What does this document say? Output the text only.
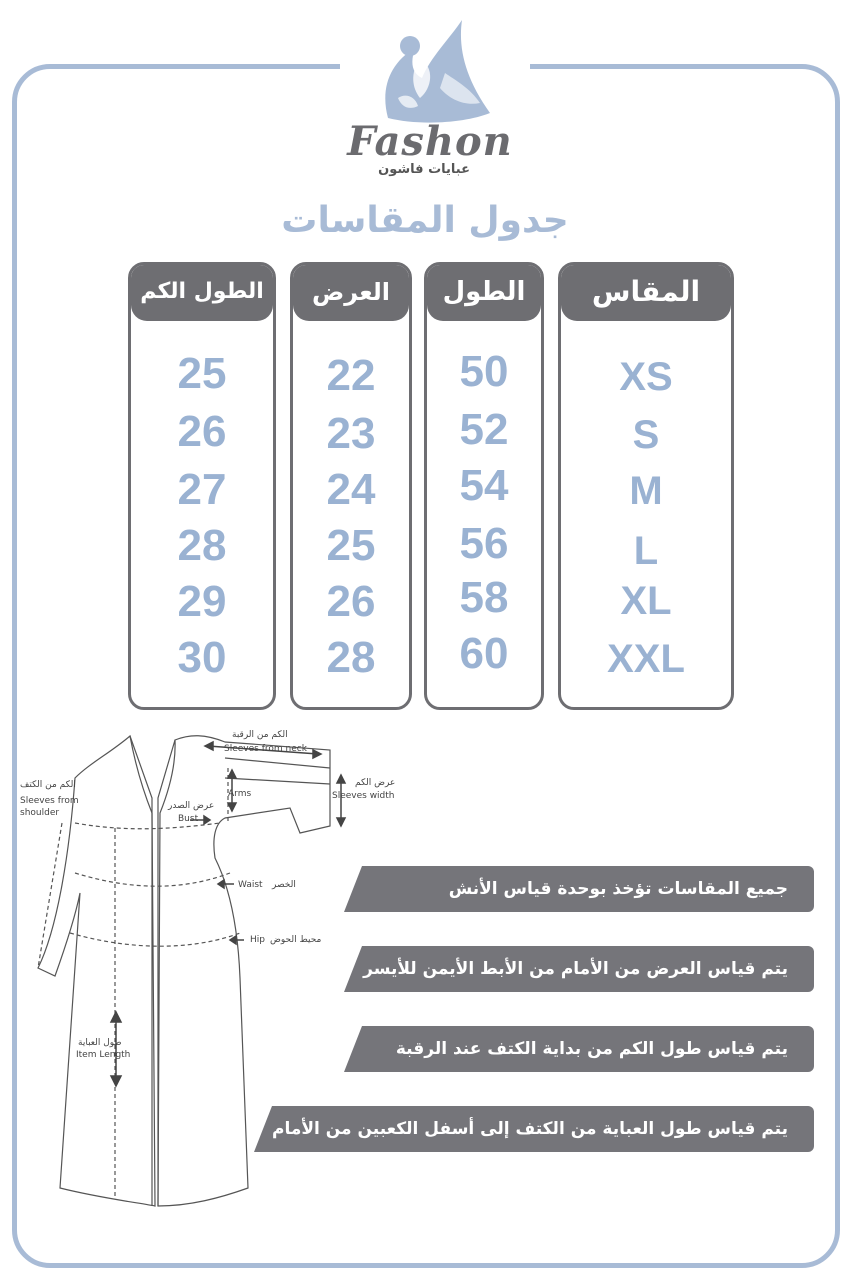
Fashon
عبايات فاشون
جدول المقاسات
الطول الكم
25
26
27
28
29
30
العرض
22
23
24
25
26
28
الطول
50
52
54
56
58
60
المقاس
XS
S
M
L
XL
XXL
الكم من الرقبة
Sleeves from neck
الكم من الكتف
Sleeves from
shoulder
Arms
عرض الصدر
Bust
عرض الكم
Sleeves width
Waist الخصر
Hip محيط الحوض
طول العباية
Item Length
جميع المقاسات تؤخذ بوحدة قياس الأنش
يتم قياس العرض من الأمام من الأبط الأيمن للأيسر
يتم قياس طول الكم من بداية الكتف عند الرقبة
يتم قياس طول العباية من الكتف إلى أسفل الكعبين من الأمام
